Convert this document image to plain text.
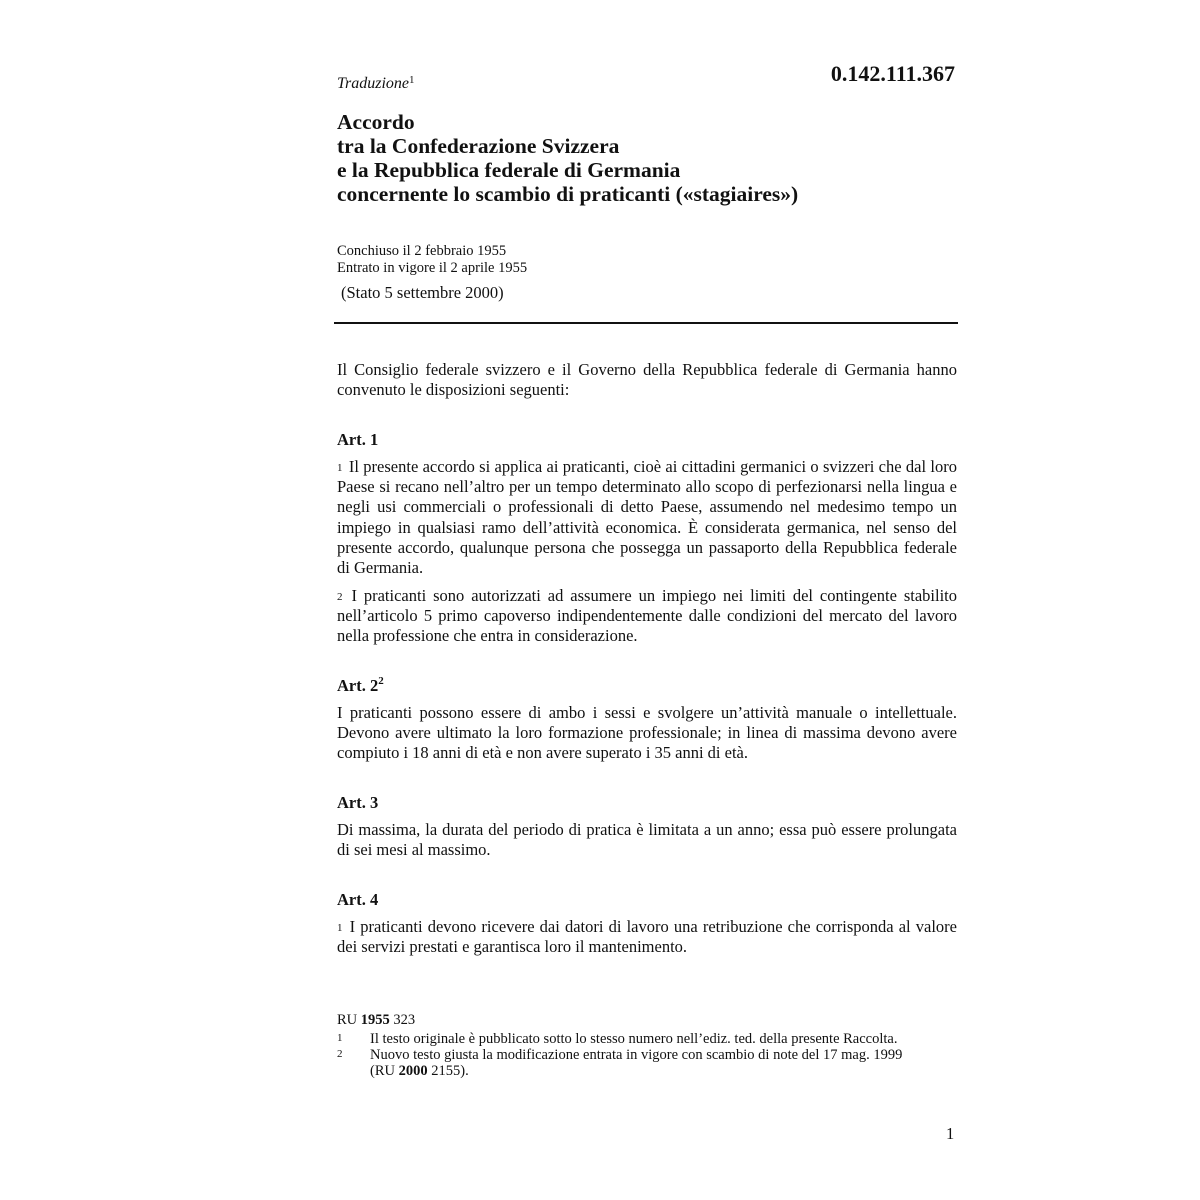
Traduzione$^1$	0.142.111.367
Accordo
tra la Confederazione Svizzera
e la Repubblica federale di Germania
concernente lo scambio di praticanti («stagiaires»)
Conchiuso il 2 febbraio 1955
Entrato in vigore il 2 aprile 1955
(Stato 5 settembre 2000)

Il Consiglio federale svizzero e il Governo della Repubblica federale di Germania hanno convenuto le disposizioni seguenti:

Art. 1

$^1$ Il presente accordo si applica ai praticanti, cioè ai cittadini germanici o svizzeri che dal loro Paese si recano nell’altro per un tempo determinato allo scopo di perfezionarsi nella lingua e negli usi commerciali o professionali di detto Paese, assumendo nel medesimo tempo un impiego in qualsiasi ramo dell’attività economica. È considerata germanica, nel senso del presente accordo, qualunque persona che possegga un passaporto della Repubblica federale di Germania.

$^2$ I praticanti sono autorizzati ad assumere un impiego nei limiti del contingente stabilito nell’articolo 5 primo capoverso indipendentemente dalle condizioni del mercato del lavoro nella professione che entra in considerazione.

Art. $2^2$

I praticanti possono essere di ambo i sessi e svolgere un’attività manuale o intellettuale. Devono avere ultimato la loro formazione professionale; in linea di massima devono avere compiuto i 18 anni di età e non avere superato i 35 anni di età.

Art. 3

Di massima, la durata del periodo di pratica è limitata a un anno; essa può essere prolungata di sei mesi al massimo.

Art. 4

$^1$ I praticanti devono ricevere dai datori di lavoro una retribuzione che corrisponda al valore dei servizi prestati e garantisca loro il mantenimento.

RU 1955 323
1	Il testo originale è pubblicato sotto lo stesso numero nell’ediz. ted. della presente Raccolta.
2	Nuovo testo giusta la modificazione entrata in vigore con scambio di note del 17 mag. 1999 (RU 2000 2155).
1
